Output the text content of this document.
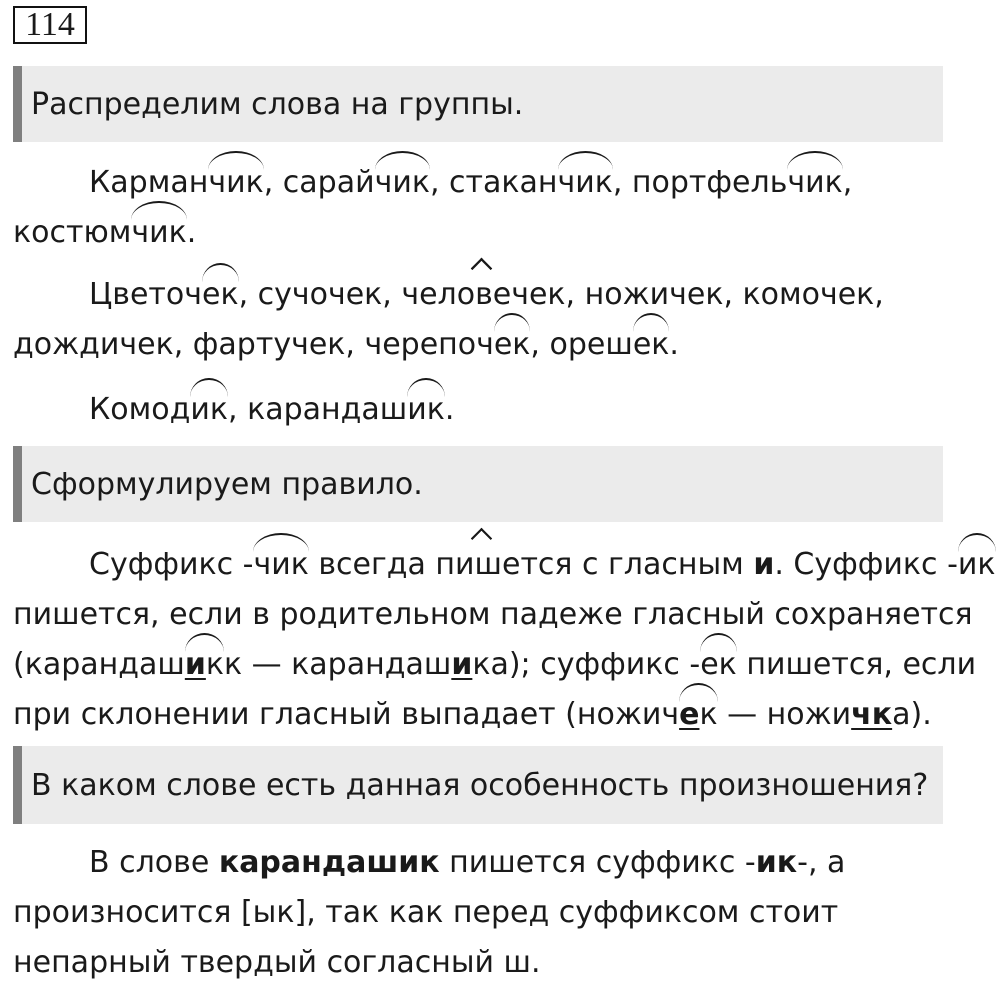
114
Распределим слова на группы.

Карманчик, сарайчик, стаканчик, портфельчик,
костюмчик.

Цветочек, сучочек, человечек, ножичек, комочек,
дождичек, фартучек, черепочек, орешек.

Комодик, карандашик.

Сформулируем правило.

Суффикс -чик всегда пишется с гласным и. Суффикс -ик
пишется, если в родительном падеже гласный сохраняется
(карандашикк — карандашика); суффикс -ек пишется, если
при склонении гласный выпадает (ножичек — ножичка).

В каком слове есть данная особенность произношения?

В слове карандашик пишется суффикс -ик-, а
произносится [ык], так как перед суффиксом стоит
непарный твердый согласный ш.
